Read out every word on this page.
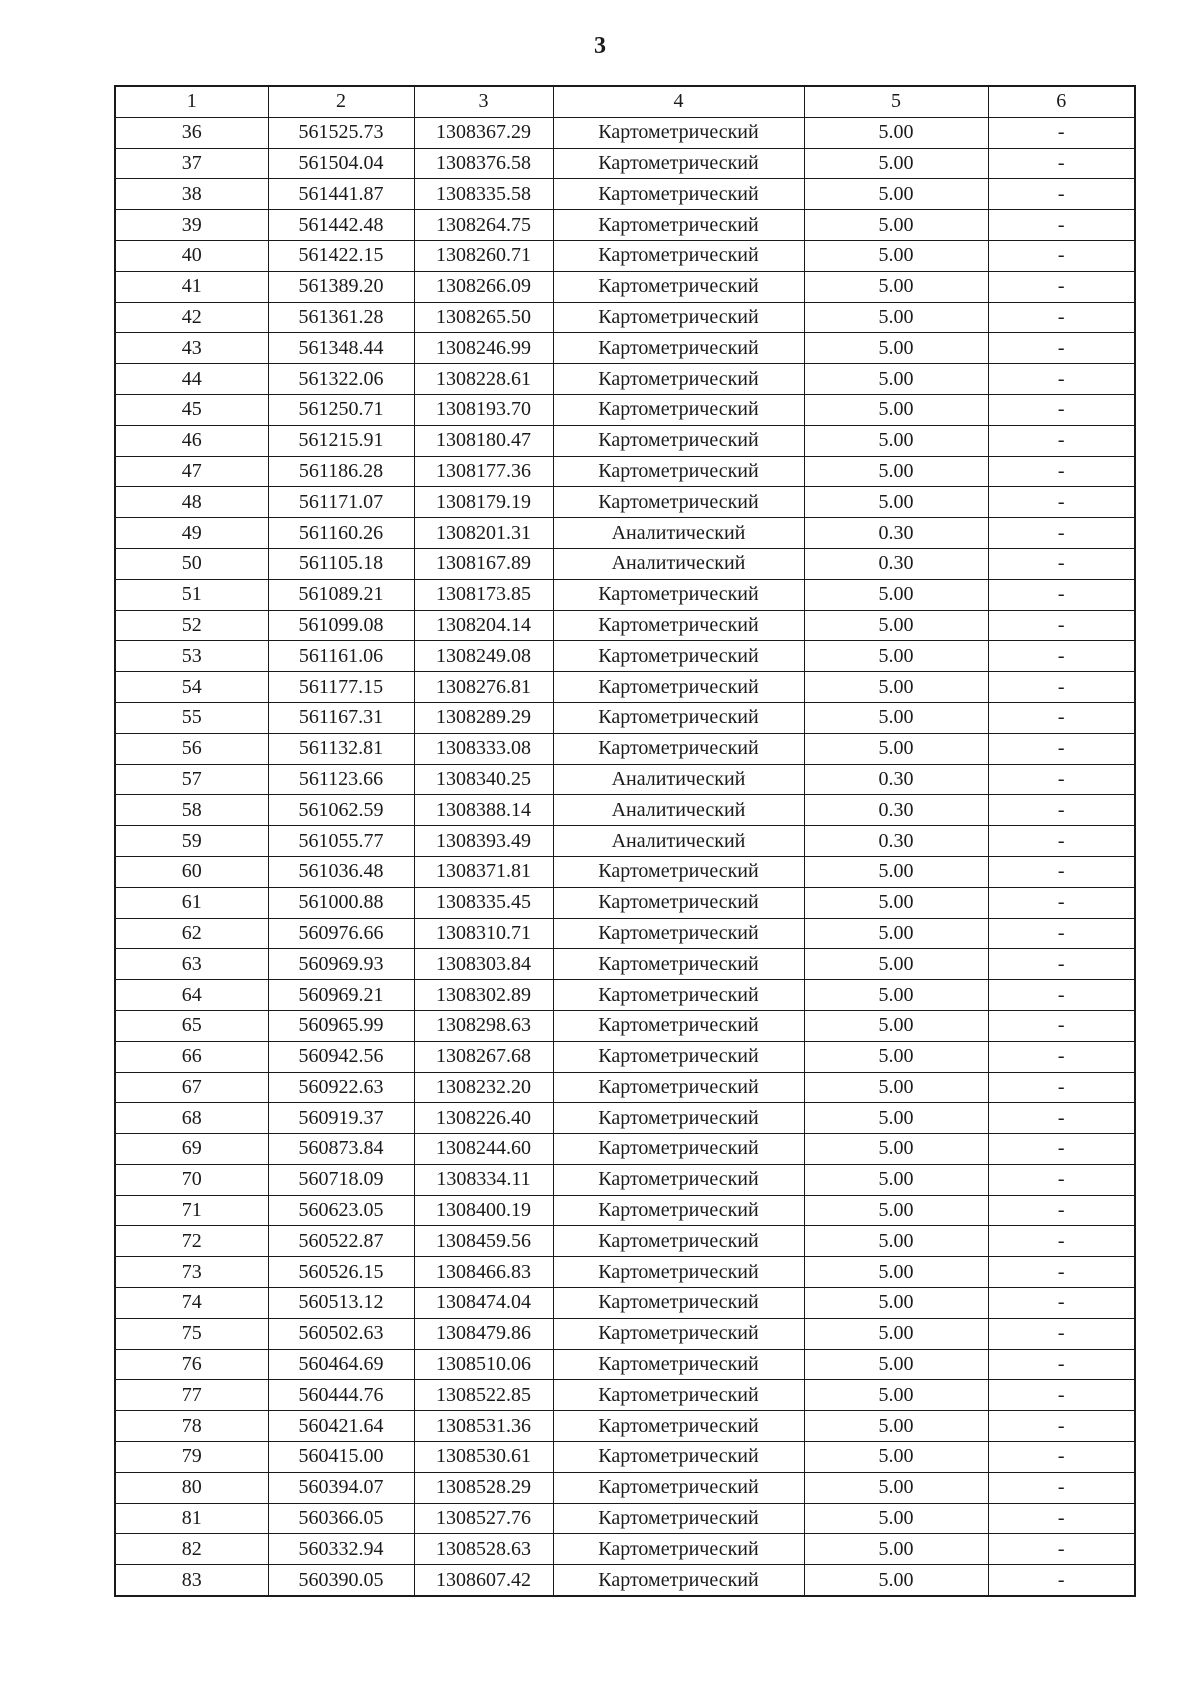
3
1	2	3	4	5	6
36	561525.73	1308367.29	Картометрический	5.00	-
37	561504.04	1308376.58	Картометрический	5.00	-
38	561441.87	1308335.58	Картометрический	5.00	-
39	561442.48	1308264.75	Картометрический	5.00	-
40	561422.15	1308260.71	Картометрический	5.00	-
41	561389.20	1308266.09	Картометрический	5.00	-
42	561361.28	1308265.50	Картометрический	5.00	-
43	561348.44	1308246.99	Картометрический	5.00	-
44	561322.06	1308228.61	Картометрический	5.00	-
45	561250.71	1308193.70	Картометрический	5.00	-
46	561215.91	1308180.47	Картометрический	5.00	-
47	561186.28	1308177.36	Картометрический	5.00	-
48	561171.07	1308179.19	Картометрический	5.00	-
49	561160.26	1308201.31	Аналитический	0.30	-
50	561105.18	1308167.89	Аналитический	0.30	-
51	561089.21	1308173.85	Картометрический	5.00	-
52	561099.08	1308204.14	Картометрический	5.00	-
53	561161.06	1308249.08	Картометрический	5.00	-
54	561177.15	1308276.81	Картометрический	5.00	-
55	561167.31	1308289.29	Картометрический	5.00	-
56	561132.81	1308333.08	Картометрический	5.00	-
57	561123.66	1308340.25	Аналитический	0.30	-
58	561062.59	1308388.14	Аналитический	0.30	-
59	561055.77	1308393.49	Аналитический	0.30	-
60	561036.48	1308371.81	Картометрический	5.00	-
61	561000.88	1308335.45	Картометрический	5.00	-
62	560976.66	1308310.71	Картометрический	5.00	-
63	560969.93	1308303.84	Картометрический	5.00	-
64	560969.21	1308302.89	Картометрический	5.00	-
65	560965.99	1308298.63	Картометрический	5.00	-
66	560942.56	1308267.68	Картометрический	5.00	-
67	560922.63	1308232.20	Картометрический	5.00	-
68	560919.37	1308226.40	Картометрический	5.00	-
69	560873.84	1308244.60	Картометрический	5.00	-
70	560718.09	1308334.11	Картометрический	5.00	-
71	560623.05	1308400.19	Картометрический	5.00	-
72	560522.87	1308459.56	Картометрический	5.00	-
73	560526.15	1308466.83	Картометрический	5.00	-
74	560513.12	1308474.04	Картометрический	5.00	-
75	560502.63	1308479.86	Картометрический	5.00	-
76	560464.69	1308510.06	Картометрический	5.00	-
77	560444.76	1308522.85	Картометрический	5.00	-
78	560421.64	1308531.36	Картометрический	5.00	-
79	560415.00	1308530.61	Картометрический	5.00	-
80	560394.07	1308528.29	Картометрический	5.00	-
81	560366.05	1308527.76	Картометрический	5.00	-
82	560332.94	1308528.63	Картометрический	5.00	-
83	560390.05	1308607.42	Картометрический	5.00	-
